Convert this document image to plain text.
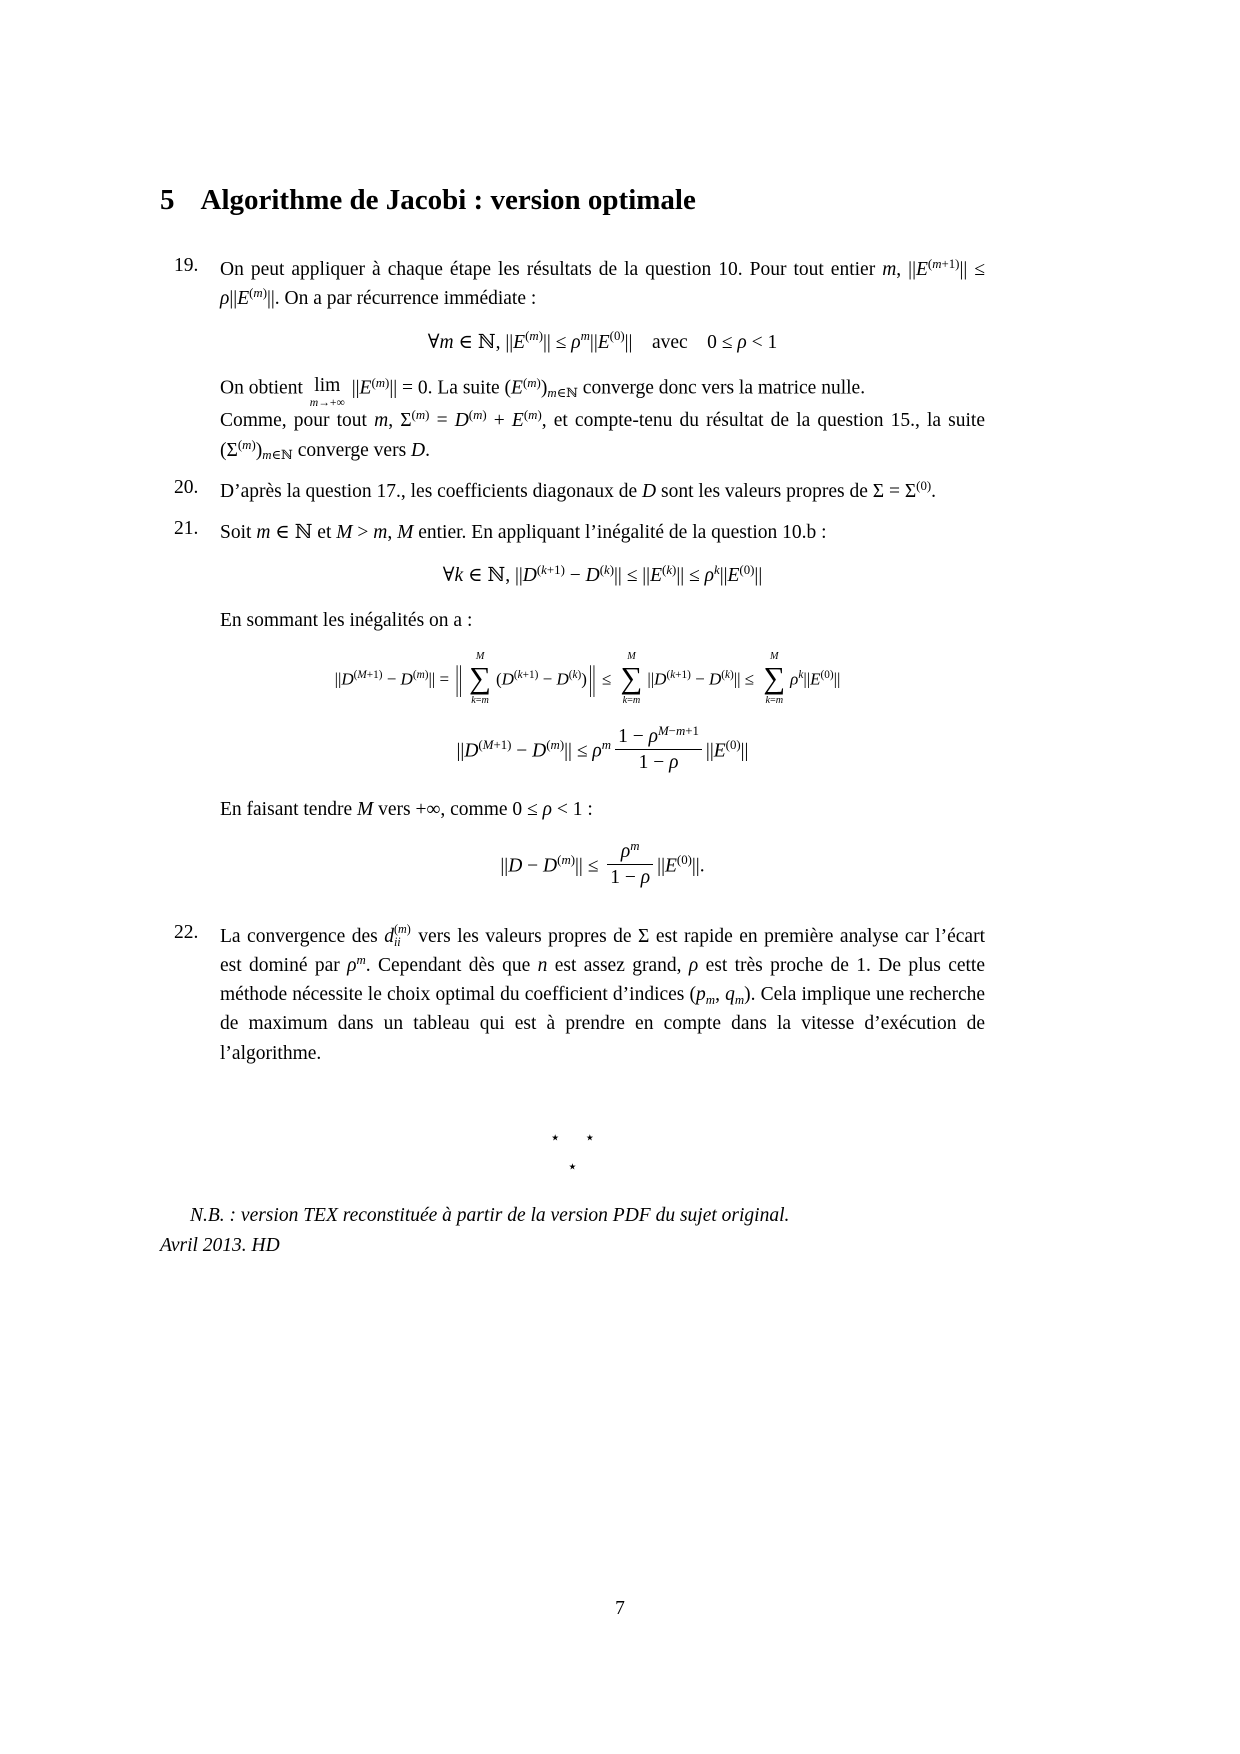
5 Algorithme de Jacobi : version optimale
19.	On peut appliquer à chaque étape les résultats de la question 10. Pour tout entier m, $||E^{(m+1)}|| \le \rho||E^{(m)}||$. On a par récurrence immédiate :
∀m ∈ ℕ, $||E^{(m)}|| \le \rho^m||E^{(0)}||$ avec 0 ≤ ρ < 1
On obtient lim
m→+∞
$||E^{(m)}|| = 0$. La suite $(E^{(m)})_{m\in ℕ}$ converge donc vers la matrice nulle.
Comme, pour tout m, $\Sigma^{(m)} = D^{(m)} + E^{(m)}$, et compte-tenu du résultat de la question 15., la suite $(\Sigma^{(m)})_{m\in ℕ}$ converge vers D.
20.	D’après la question 17., les coefficients diagonaux de D sont les valeurs propres de $\Sigma = \Sigma^{(0)}$.
21.	Soit m ∈ ℕ et M > m, M entier. En appliquant l’inégalité de la question 10.b :
∀k ∈ ℕ, $||D^{(k+1)} - D^{(k)}|| \le ||E^{(k)}|| \le \rho^k||E^{(0)}||$
En sommant les inégalités on a :
$||D^{(M+1)} - D^{(m)}||$ = ||
M
∑
k=m
$(D^{(k+1)} - D^{(k)})$ || ≤
M
∑
k=m
$||D^{(k+1)} - D^{(k)}||$ ≤
M
∑
k=m
$\rho^k||E^{(0)}||$
$||D^{(M+1)} - D^{(m)}|| \le \rho^m \frac{1 - \rho^{M-m+1}}{1 - \rho} ||E^{(0)}||$
En faisant tendre M vers +∞, comme 0 ≤ ρ < 1 :
$||D - D^{(m)}|| \le \frac{\rho^m}{1 - \rho} ||E^{(0)}||$.
22.	La convergence des d (m)
ii vers les valeurs propres de Σ est rapide en première analyse car l’écart est dominé par $\rho^m$. Cependant dès que n est assez grand, ρ est très proche de 1. De plus cette méthode nécessite le choix optimal du coefficient d’indices ($p_m$, $q_m$). Cela implique une recherche de maximum dans un tableau qui est à prendre en compte dans la vitesse d’exécution de l’algorithme.
⋆ ⋆
⋆
N.B. : version TEX reconstituée à partir de la version PDF du sujet original.
Avril 2013. HD
7
